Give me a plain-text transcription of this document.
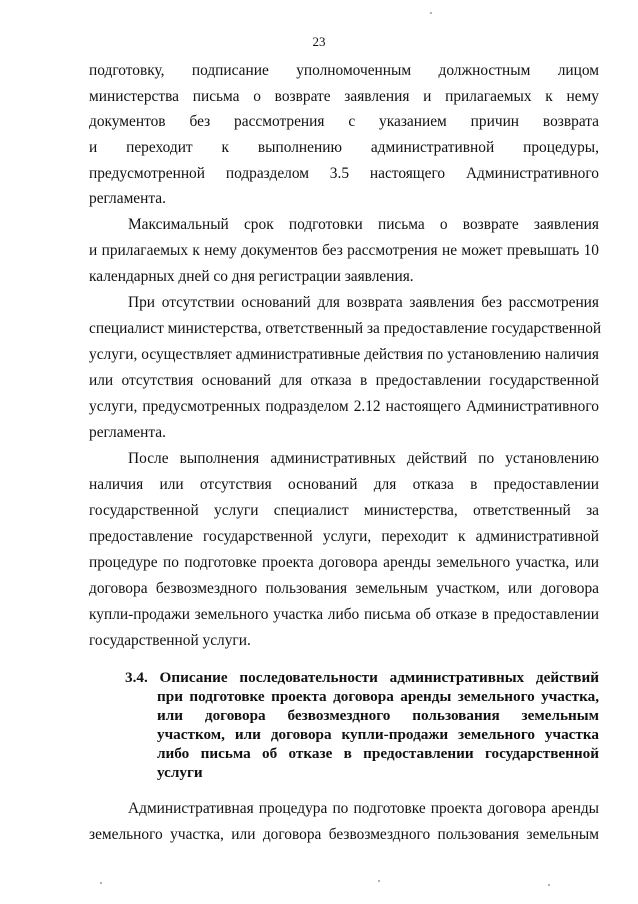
23
подготовку, подписание уполномоченным должностным лицом
министерства письма о возврате заявления и прилагаемых к нему
документов без рассмотрения с указанием причин возврата
и переходит к выполнению административной процедуры,
предусмотренной подразделом 3.5 настоящего Административного
регламента.
Максимальный срок подготовки письма о возврате заявления
и прилагаемых к нему документов без рассмотрения не может превышать 10
календарных дней со дня регистрации заявления.
При отсутствии оснований для возврата заявления без рассмотрения
специалист министерства, ответственный за предоставление государственной
услуги, осуществляет административные действия по установлению наличия
или отсутствия оснований для отказа в предоставлении государственной
услуги, предусмотренных подразделом 2.12 настоящего Административного
регламента.
После выполнения административных действий по установлению
наличия или отсутствия оснований для отказа в предоставлении
государственной услуги специалист министерства, ответственный за
предоставление государственной услуги, переходит к административной
процедуре по подготовке проекта договора аренды земельного участка, или
договора безвозмездного пользования земельным участком, или договора
купли-продажи земельного участка либо письма об отказе в предоставлении
государственной услуги.
3.4. Описание последовательности административных действий
при подготовке проекта договора аренды земельного участка,
или договора безвозмездного пользования земельным
участком, или договора купли-продажи земельного участка
либо письма об отказе в предоставлении государственной
услуги
Административная процедура по подготовке проекта договора аренды
земельного участка, или договора безвозмездного пользования земельным
